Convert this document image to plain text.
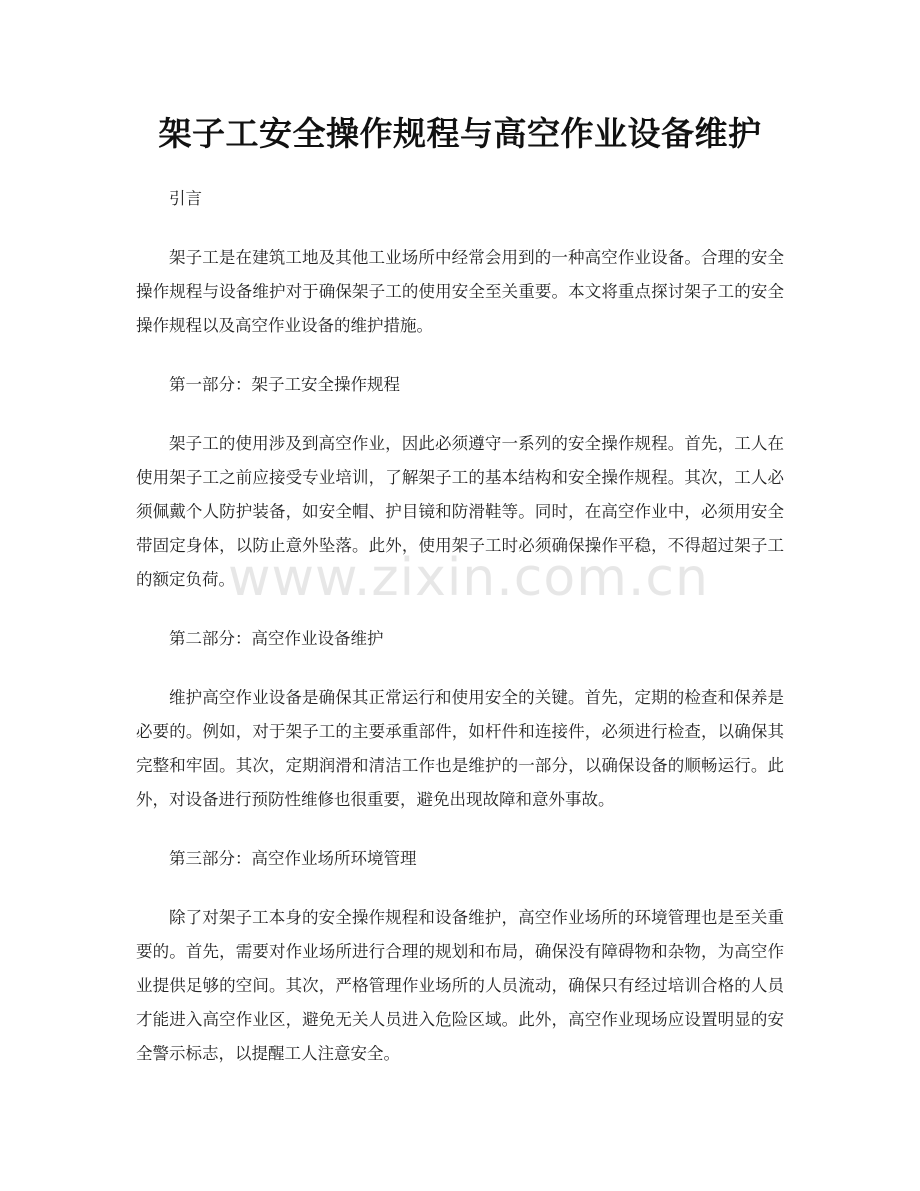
架子工安全操作规程与高空作业设备维护
www.zixin.com.cn

引言

架子工是在建筑工地及其他工业场所中经常会用到的一种高空作业设备。合理的安全操作规程与设备维护对于确保架子工的使用安全至关重要。本文将重点探讨架子工的安全操作规程以及高空作业设备的维护措施。

第一部分：架子工安全操作规程

架子工的使用涉及到高空作业，因此必须遵守一系列的安全操作规程。首先，工人在使用架子工之前应接受专业培训，了解架子工的基本结构和安全操作规程。其次，工人必须佩戴个人防护装备，如安全帽、护目镜和防滑鞋等。同时，在高空作业中，必须用安全带固定身体，以防止意外坠落。此外，使用架子工时必须确保操作平稳，不得超过架子工的额定负荷。

第二部分：高空作业设备维护

维护高空作业设备是确保其正常运行和使用安全的关键。首先，定期的检查和保养是必要的。例如，对于架子工的主要承重部件，如杆件和连接件，必须进行检查，以确保其完整和牢固。其次，定期润滑和清洁工作也是维护的一部分，以确保设备的顺畅运行。此外，对设备进行预防性维修也很重要，避免出现故障和意外事故。

第三部分：高空作业场所环境管理

除了对架子工本身的安全操作规程和设备维护，高空作业场所的环境管理也是至关重要的。首先，需要对作业场所进行合理的规划和布局，确保没有障碍物和杂物，为高空作业提供足够的空间。其次，严格管理作业场所的人员流动，确保只有经过培训合格的人员才能进入高空作业区，避免无关人员进入危险区域。此外，高空作业现场应设置明显的安全警示标志，以提醒工人注意安全。
